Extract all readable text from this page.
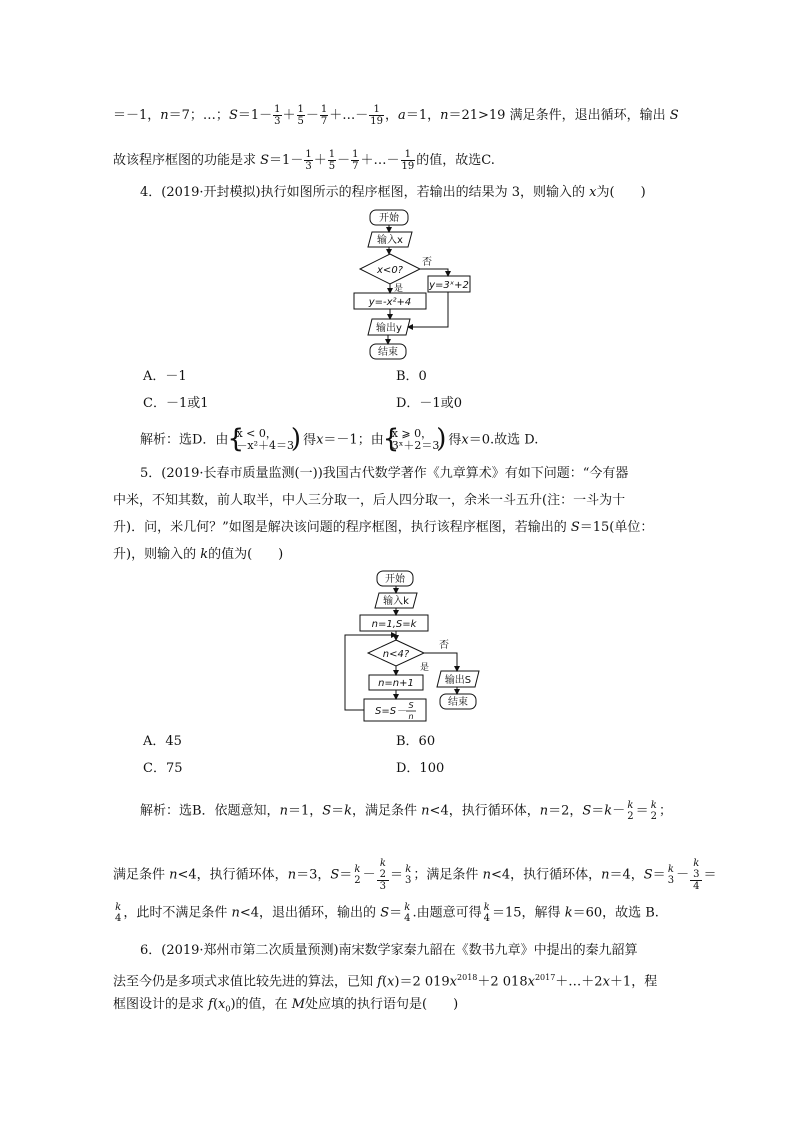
＝－1，n＝7；…；$S=1- \frac{1}{3} + \frac{1}{5} - \frac{1}{7}$ ＋…－ $\frac{1}{19}$ ，a＝1，n＝21>19 满足条件，退出循环，输出 S
故该程序框图的功能是求 $S=1- \frac{1}{3} + \frac{1}{5} - \frac{1}{7}$ ＋…－ $\frac{1}{19}$ 的值，故选C.
4．(2019·开封模拟)执行如图所示的程序框图，若输出的结果为 3，则输入的 x为(　　)
开始
输入x
x<0?
否
是
y=-x²+4
y=3ˣ+2
输出y
结束
A．－1	B．0
C．－1或1	D．－1或0
解析：选D．由 { x < 0，
－x²＋4＝3
) 得x＝－1；由 { x ⩾ 0，
3ˣ＋2＝3
) 得x＝0.故选 D.
5．(2019·长春市质量监测(一))我国古代数学著作《九章算术》有如下问题：“今有器
中米，不知其数，前人取半，中人三分取一，后人四分取一，余米一斗五升(注：一斗为十
升)．问，米几何？”如图是解决该问题的程序框图，执行该程序框图，若输出的 S＝15(单位：
升)，则输入的 k的值为(　　)
开始
输入k
n=1,S=k
n<4?
否
是
n=n+1
S=S－
S
n
输出S
结束
A．45	B．60
C．75	D．100
解析：选B．依题意知，n＝1，S＝k，满足条件 n<4，执行循环体，n＝2，S＝k－ k
2 ＝ k
2 ；
满足条件 n<4，执行循环体，n＝3，S＝ k
2 － k
2
3 ＝ k
3 ；满足条件 n<4，执行循环体，n＝4，S＝ k
3 － k
3
4 ＝
k
4 ，此时不满足条件 n<4，退出循环，输出的 S＝ k
4 .由题意可得 k
4 ＝15，解得 k＝60，故选 B.
6．(2019·郑州市第二次质量预测)南宋数学家秦九韶在《数书九章》中提出的秦九韶算
法至今仍是多项式求值比较先进的算法，已知 f(x)＝2 $019x^{2018}+2$ $018x^{2017}+\dots+2x+1$，程
框图设计的是求 $f(x_0)$的值，在 M处应填的执行语句是(　　)
